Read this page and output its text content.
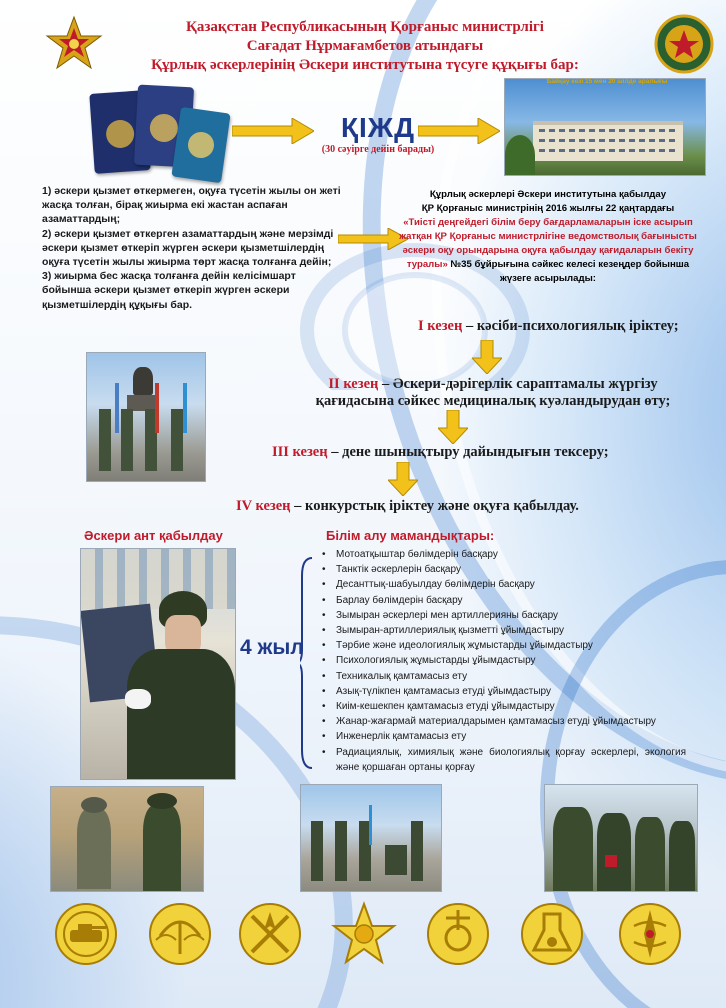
Қазақстан Республикасының Қорғаныс министрлігі
Сағадат Нұрмағамбетов атындағы
Құрлық әскерлерінің Әскери институтына түсуге құқығы бар:
ҚІЖД
(30 сәуірге дейін барады)
Байқау кезі 15 мен 20 шілде аралығы

1) әскери қызмет өткермеген, оқуға түсетін жылы он жеті жасқа толған, бірақ жиырма екі жастан аспаған азаматтардың;

2) әскери қызмет өткерген азаматтардың және мерзімді әскери қызмет өткеріп жүрген әскери қызметшілердің оқуға түсетін жылы жиырма төрт жасқа толғанға дейін;

3) жиырма бес жасқа толғанға дейін келісімшарт бойынша әскери қызмет өткеріп жүрген әскери қызметшілердің құқығы бар.

Құрлық әскерлері Әскери институтына қабылдау
ҚР Қорғаныс министрінің 2016 жылғы 22 қаңтардағы
«Тиісті деңгейдегі білім беру бағдарламаларын іске асырып жатқан ҚР Қорғаныс министрлігіне ведомстволық бағынысты әскери оқу орындарына оқуға қабылдау қағидаларын бекіту туралы» №35 бұйрығына сәйкес келесі кезеңдер бойынша жүзеге асырылады:
І кезең – кәсіби-психологиялық іріктеу;
ІІ кезең – Әскери-дәрігерлік сараптамалы жүргізу қағидасына сәйкес медициналық куәландырудан өту;
ІІІ кезең – дене шынықтыру дайындығын тексеру;
ІV кезең – конкурстық іріктеу және оқуға қабылдау.
Әскери ант қабылдау
4 жыл
Білім алу мамандықтары:
• Мотоатқыштар бөлімдерін басқару
• Танктік әскерлерін басқару
• Десанттық-шабуылдау бөлімдерін басқару
• Барлау бөлімдерін басқару
• Зымыран әскерлері мен артиллерияны басқару
• Зымыран-артиллериялық қызметті ұйымдастыру
• Тәрбие және идеологиялық жұмыстарды ұйымдастыру
• Психологиялық жұмыстарды ұйымдастыру
• Техникалық қамтамасыз ету
• Азық-түлікпен қамтамасыз етуді ұйымдастыру
• Киім-кешекпен қамтамасыз етуді ұйымдастыру
• Жанар-жағармай материалдарымен қамтамасыз етуді ұйымдастыру
• Инженерлік қамтамасыз ету
• Радиациялық, химиялық және биологиялық қорғау әскерлері, экология және қоршаған ортаны қорғау
